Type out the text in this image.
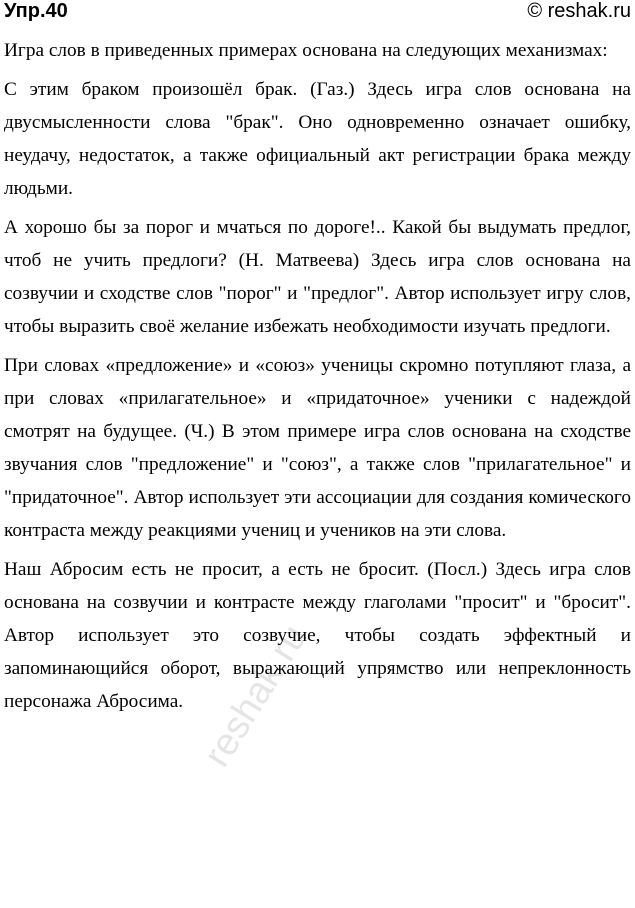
Упр.40	© reshak.ru

Игра слов в приведенных примерах основана на следующих механизмах:

С этим браком произошёл брак. (Газ.) Здесь игра слов основана на двусмысленности слова "брак". Оно одновременно означает ошибку, неудачу, недостаток, а также официальный акт регистрации брака между людьми.

А хорошо бы за порог и мчаться по дороге!.. Какой бы выдумать предлог, чтоб не учить предлоги? (Н. Матвеева) Здесь игра слов основана на созвучии и сходстве слов "порог" и "предлог". Автор использует игру слов, чтобы выразить своё желание избежать необходимости изучать предлоги.

При словах «предложение» и «союз» ученицы скромно потупляют глаза, а при словах «прилагательное» и «придаточное» ученики с надеждой смотрят на будущее. (Ч.) В этом примере игра слов основана на сходстве звучания слов "предложение" и "союз", а также слов "прилагательное" и "придаточное". Автор использует эти ассоциации для создания комического контраста между реакциями учениц и учеников на эти слова.

Наш Абросим есть не просит, а есть не бросит. (Посл.) Здесь игра слов основана на созвучии и контрасте между глаголами "просит" и "бросит". Автор использует это созвучие, чтобы создать эффектный и запоминающийся оборот, выражающий упрямство или непреклонность персонажа Абросима. reshak.ru
